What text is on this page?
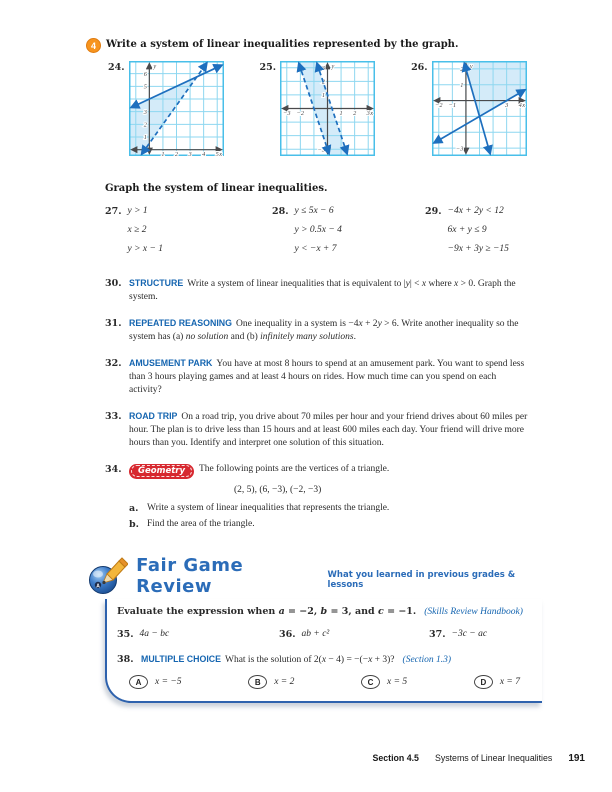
4	Write a system of linear inequalities represented by the graph.
24.
1 2 3 4 5
1
2
3
5
6
x
y	25.
−3 −2	1 2 3
1
3
−3
x
y	26.
−2 −1	3 4
1
2
−3
x
y
Graph the system of linear inequalities.
27. y > 1
x ≥ 2
y > x − 1
28. y ≤ 5x − 6
y > 0.5x − 4
y < −x + 7
29. −4x + 2y < 12
6x + y ≤ 9
−9x + 3y ≥ −15
30. STRUCTURE Write a system of linear inequalities that is equivalent to |y| < x where x > 0. Graph the system.
31. REPEATED REASONING One inequality in a system is −4x + 2y > 6. Write another inequality so the system has (a) no solution and (b) infinitely many solutions.
32. AMUSEMENT PARK You have at most 8 hours to spend at an amusement park. You want to spend less than 3 hours playing games and at least 4 hours on rides. How much time can you spend on each activity?
33. ROAD TRIP On a road trip, you drive about 70 miles per hour and your friend drives about 60 miles per hour. The plan is to drive less than 15 hours and at least 600 miles each day. Your friend will drive more hours than you. Identify and interpret one solution of this situation.
34.	Geometry The following points are the vertices of a triangle.
(2, 5), (6, −3), (−2, −3)
a. Write a system of linear inequalities that represents the triangle.
b. Find the area of the triangle.
A
Fair Game Review
What you learned in previous grades & lessons
Evaluate the expression when a = −2, b = 3, and c = −1. (Skills Review Handbook)
35. 4a − bc	36. ab + c²	37. −3c − ac
38. MULTIPLE CHOICE What is the solution of 2(x − 4) = −(−x + 3)? (Section 1.3)
A	x = −5	B	x = 2	C	x = 5	D	x = 7
Section 4.5 Systems of Linear Inequalities 191
